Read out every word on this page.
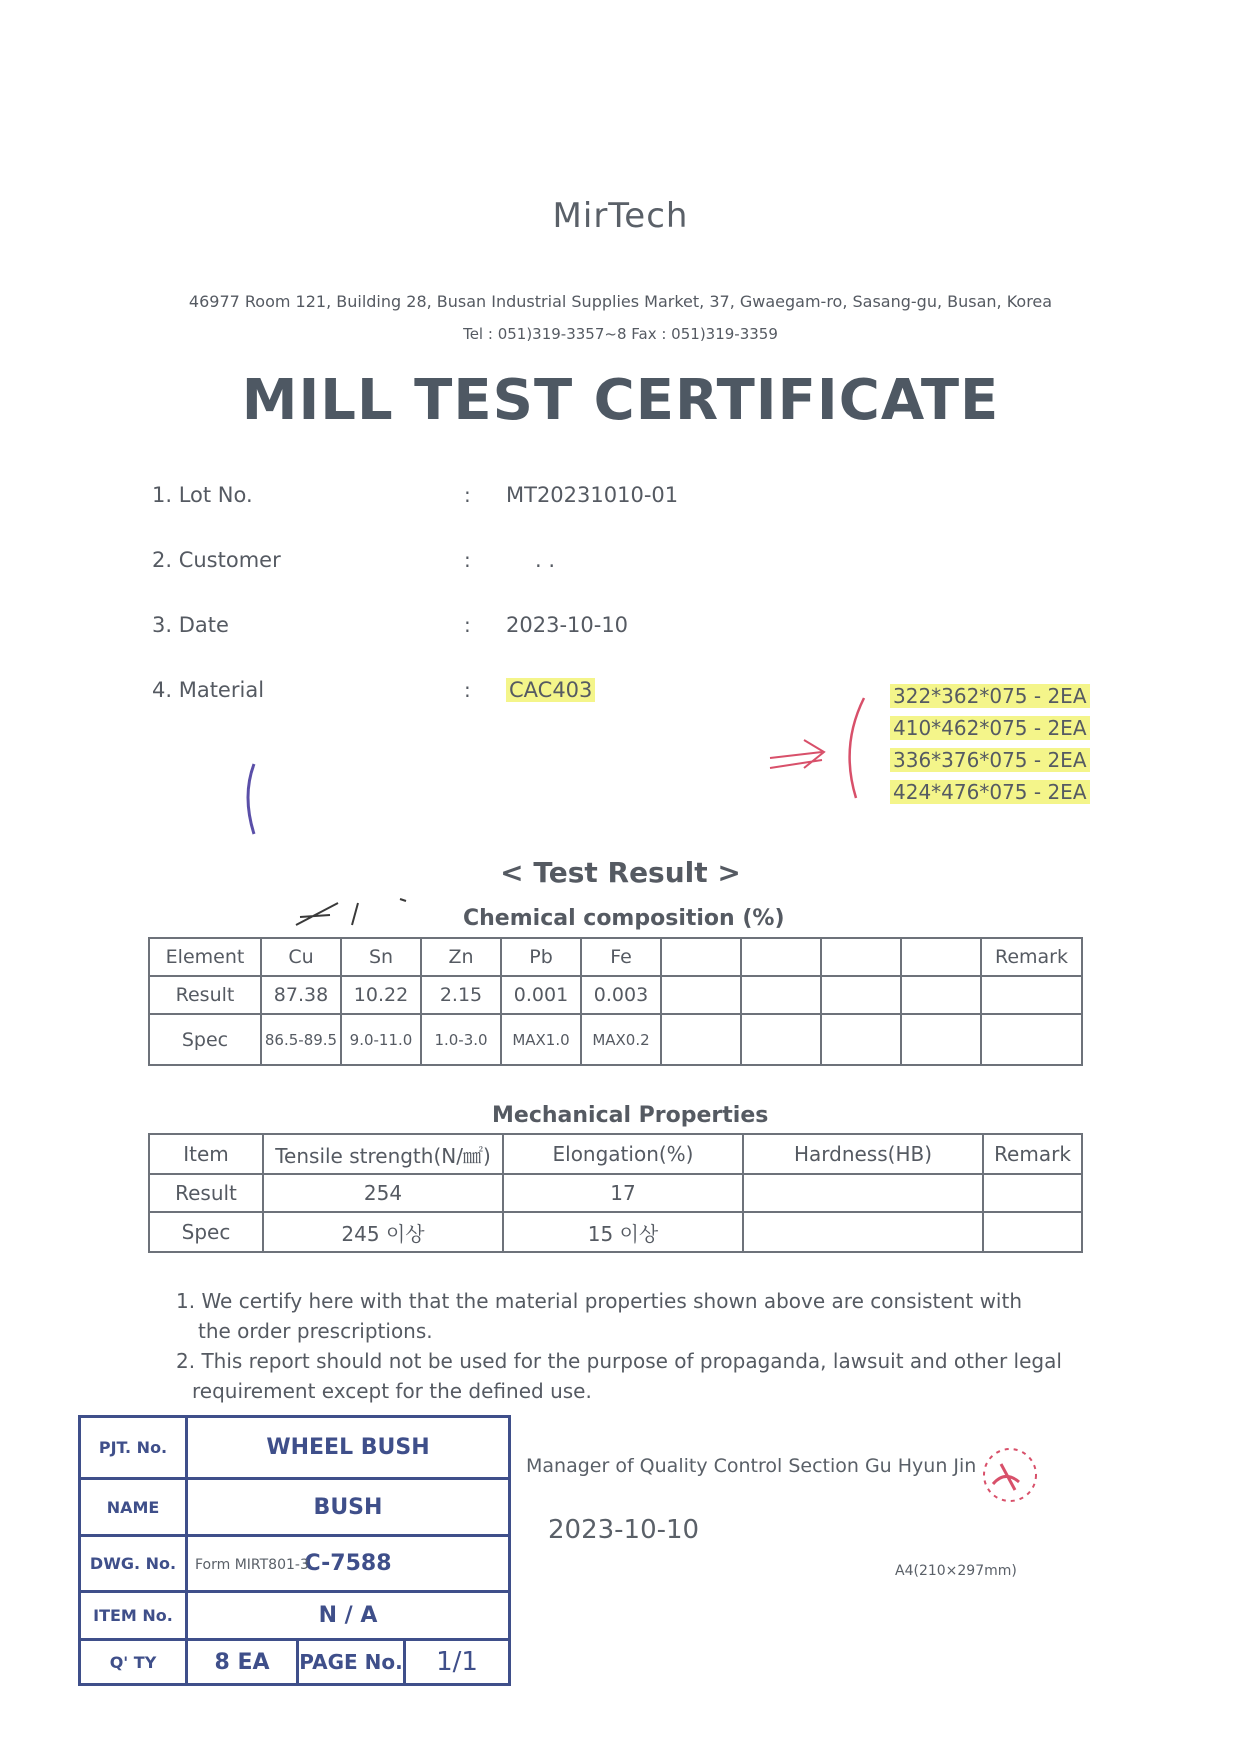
MirTech
46977 Room 121, Building 28, Busan Industrial Supplies Market, 37, Gwaegam-ro, Sasang-gu, Busan, Korea
Tel : 051)319-3357~8 Fax : 051)319-3359
MILL TEST CERTIFICATE
1. Lot No.	: MT20231010-01
2. Customer	:	. .
3. Date	: 2023-10-10
4. Material	: CAC403	322*362*075 - 2EA
410*462*075 - 2EA
336*376*075 - 2EA
424*476*075 - 2EA
< Test Result >
Chemical composition (%)
Element	Cu	Sn	Zn	Pb	Fe					Remark
Result	87.38	10.22	2.15	0.001	0.003					
Spec	86.5-89.5	9.0-11.0	1.0-3.0	MAX1.0	MAX0.2					
Mechanical Properties
Item	Tensile strength(N/㎟)	Elongation(%)	Hardness(HB)	Remark
Result	254	17		
Spec	245 이상	15 이상		
1. We certify here with that the material properties shown above are consistent with
the order prescriptions.
2. This report should not be used for the purpose of propaganda, lawsuit and other legal
requirement except for the defined use.
PJT. No.	WHEEL BUSH		
NAME	BUSH		
DWG. No.	C-7588		
ITEM No.	N / A		
Q' TY	8 EA	PAGE No.	1/1
Form MIRT801-3
Manager of Quality Control Section Gu Hyun Jin
2023-10-10
A4(210×297mm)
